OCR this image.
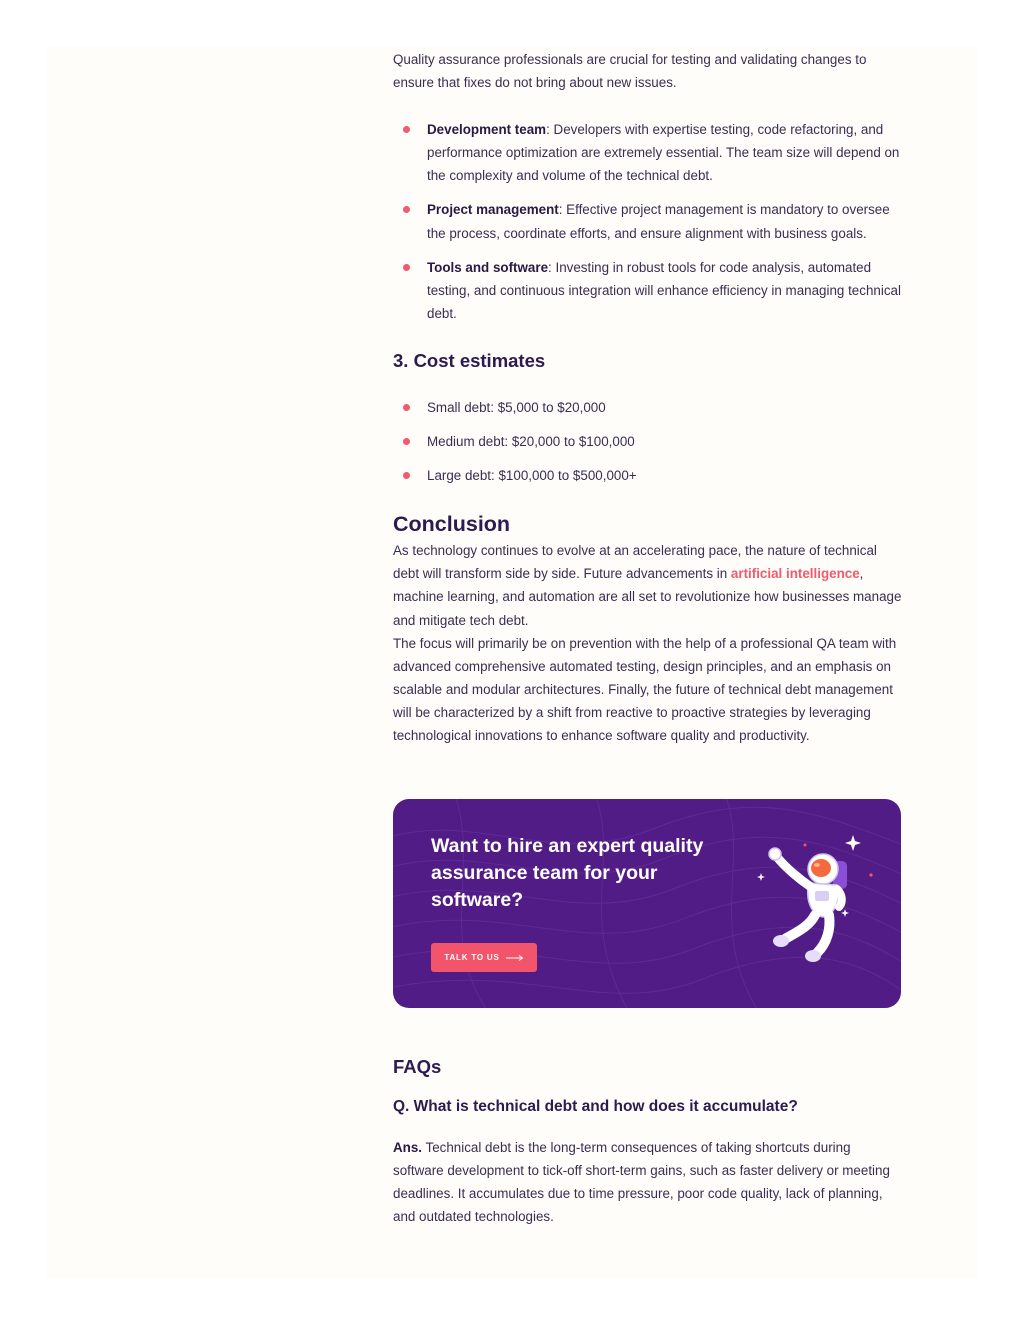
Quality assurance professionals are crucial for testing and validating changes to ensure that fixes do not bring about new issues.

Development team: Developers with expertise testing, code refactoring, and performance optimization are extremely essential. The team size will depend on the complexity and volume of the technical debt.
Project management: Effective project management is mandatory to oversee the process, coordinate efforts, and ensure alignment with business goals.
Tools and software: Investing in robust tools for code analysis, automated testing, and continuous integration will enhance efficiency in managing technical debt.
3. Cost estimates
Small debt: $5,000 to $20,000
Medium debt: $20,000 to $100,000
Large debt: $100,000 to $500,000+
Conclusion

As technology continues to evolve at an accelerating pace, the nature of technical debt will transform side by side. Future advancements in artificial intelligence, machine learning, and automation are all set to revolutionize how businesses manage and mitigate tech debt.

The focus will primarily be on prevention with the help of a professional QA team with advanced comprehensive automated testing, design principles, and an emphasis on scalable and modular architectures. Finally, the future of technical debt management will be characterized by a shift from reactive to proactive strategies by leveraging technological innovations to enhance software quality and productivity.

Want to hire an expert quality assurance team for your software?
TALK TO US
FAQs
Q. What is technical debt and how does it accumulate?

Ans. Technical debt is the long-term consequences of taking shortcuts during software development to tick-off short-term gains, such as faster delivery or meeting deadlines. It accumulates due to time pressure, poor code quality, lack of planning, and outdated technologies.
